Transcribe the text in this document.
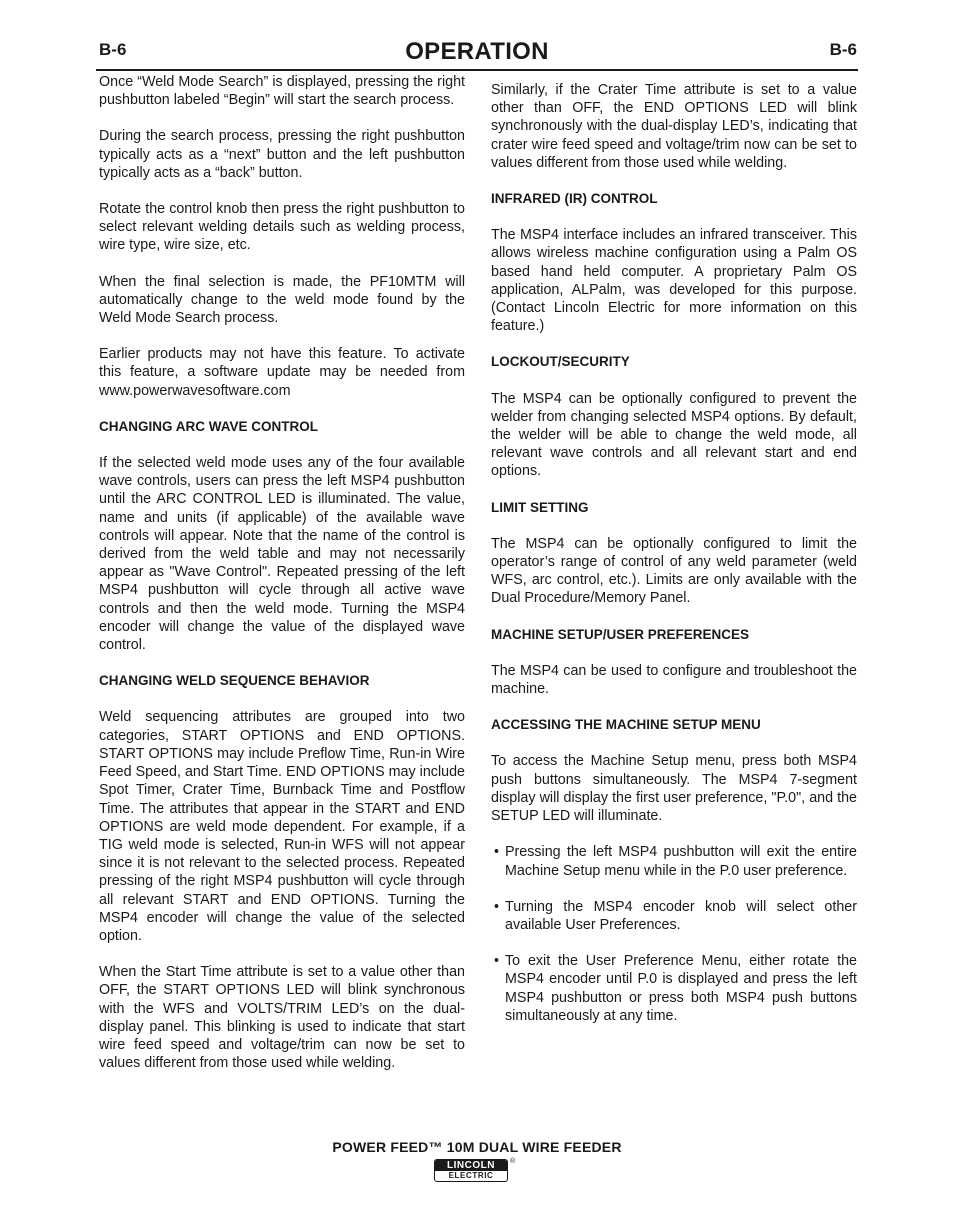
B-6	OPERATION	B-6

Once “Weld Mode Search” is displayed, pressing the right pushbutton labeled “Begin” will start the search process.

During the search process, pressing the right pushbutton typically acts as a “next” button and the left pushbutton typically acts as a “back” button.

Rotate the control knob then press the right pushbutton to select relevant welding details such as welding process, wire type, wire size, etc.

When the final selection is made, the PF10MTM will automatically change to the weld mode found by the Weld Mode Search process.

Earlier products may not have this feature. To activate this feature, a software update may be needed from www.powerwavesoftware.com

CHANGING ARC WAVE CONTROL

If the selected weld mode uses any of the four available wave controls, users can press the left MSP4 pushbutton until the ARC CONTROL LED is illuminated. The value, name and units (if applicable) of the available wave controls will appear. Note that the name of the control is derived from the weld table and may not necessarily appear as "Wave Control". Repeated pressing of the left MSP4 pushbutton will cycle through all active wave controls and then the weld mode. Turning the MSP4 encoder will change the value of the displayed wave control.

CHANGING WELD SEQUENCE BEHAVIOR

Weld sequencing attributes are grouped into two categories, START OPTIONS and END OPTIONS. START OPTIONS may include Preflow Time, Run-in Wire Feed Speed, and Start Time. END OPTIONS may include Spot Timer, Crater Time, Burnback Time and Postflow Time. The attributes that appear in the START and END OPTIONS are weld mode dependent. For example, if a TIG weld mode is selected, Run-in WFS will not appear since it is not relevant to the selected process. Repeated pressing of the right MSP4 pushbutton will cycle through all relevant START and END OPTIONS. Turning the MSP4 encoder will change the value of the selected option.

When the Start Time attribute is set to a value other than OFF, the START OPTIONS LED will blink synchronous with the WFS and VOLTS/TRIM LED’s on the dual-display panel. This blinking is used to indicate that start wire feed speed and voltage/trim can now be set to values different from those used while welding.

Similarly, if the Crater Time attribute is set to a value other than OFF, the END OPTIONS LED will blink synchronously with the dual-display LED’s, indicating that crater wire feed speed and voltage/trim now can be set to values different from those used while welding.

INFRARED (IR) CONTROL

The MSP4 interface includes an infrared transceiver. This allows wireless machine configuration using a Palm OS based hand held computer. A proprietary Palm OS application, ALPalm, was developed for this purpose. (Contact Lincoln Electric for more information on this feature.)

LOCKOUT/SECURITY

The MSP4 can be optionally configured to prevent the welder from changing selected MSP4 options. By default, the welder will be able to change the weld mode, all relevant wave controls and all relevant start and end options.

LIMIT SETTING

The MSP4 can be optionally configured to limit the operator’s range of control of any weld parameter (weld WFS, arc control, etc.). Limits are only available with the Dual Procedure/Memory Panel.

MACHINE SETUP/USER PREFERENCES

The MSP4 can be used to configure and troubleshoot the machine.

ACCESSING THE MACHINE SETUP MENU

To access the Machine Setup menu, press both MSP4 push buttons simultaneously. The MSP4 7-segment display will display the first user preference, "P.0", and the SETUP LED will illuminate.

• Pressing the left MSP4 pushbutton will exit the entire Machine Setup menu while in the P.0 user preference.
• Turning the MSP4 encoder knob will select other available User Preferences.
• To exit the User Preference Menu, either rotate the MSP4 encoder until P.0 is displayed and press the left MSP4 pushbutton or press both MSP4 push buttons simultaneously at any time.
POWER FEED™ 10M DUAL WIRE FEEDER
LINCOLN
ELECTRIC
®
